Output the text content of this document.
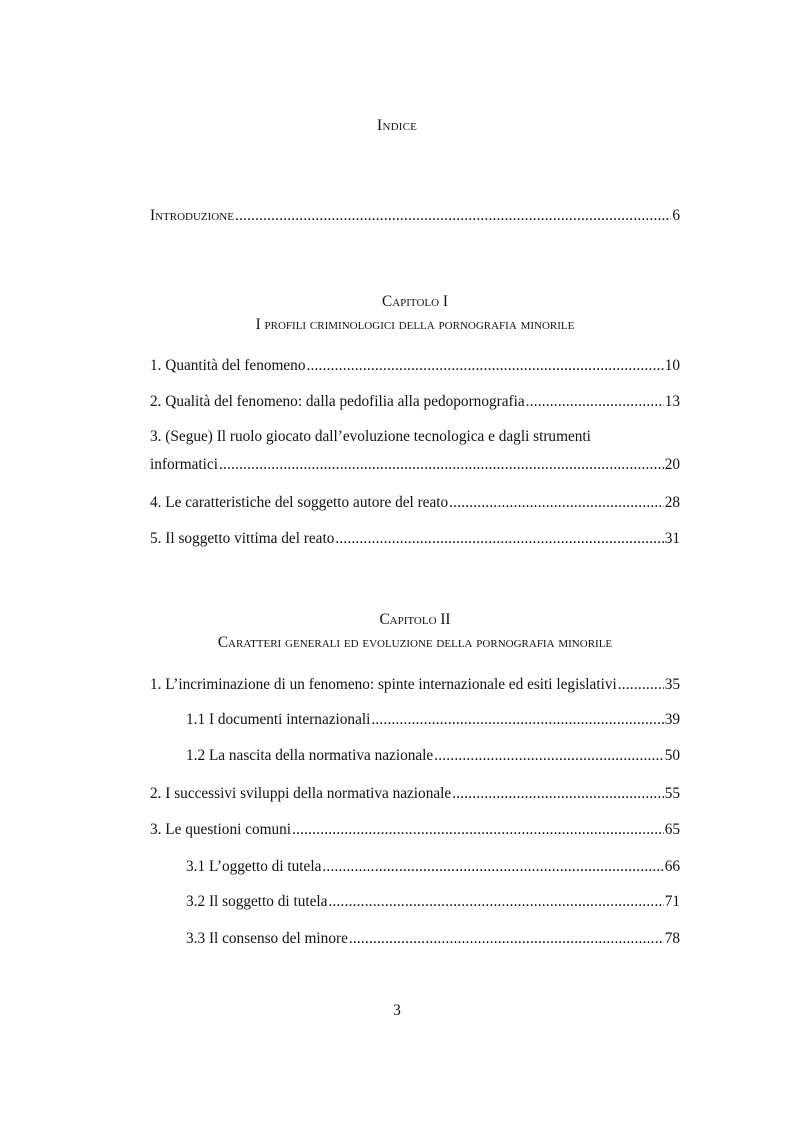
Indice
Introduzione .....	6
Capitolo I
I profili criminologici della pornografia minorile
1. Quantità del fenomeno .....	10
2. Qualità del fenomeno: dalla pedofilia alla pedopornografia .....	13
3. (Segue) Il ruolo giocato dall’evoluzione tecnologica e dagli strumenti
informatici .....	20
4. Le caratteristiche del soggetto autore del reato .....	28
5. Il soggetto vittima del reato .....	31
Capitolo II
Caratteri generali ed evoluzione della pornografia minorile
1. L’incriminazione di un fenomeno: spinte internazionale ed esiti legislativi .....	35
1.1 I documenti internazionali .....	39
1.2 La nascita della normativa nazionale .....	50
2. I successivi sviluppi della normativa nazionale .....	55
3. Le questioni comuni .....	65
3.1 L’oggetto di tutela .....	66
3.2 Il soggetto di tutela .....	71
3.3 Il consenso del minore .....	78
3
